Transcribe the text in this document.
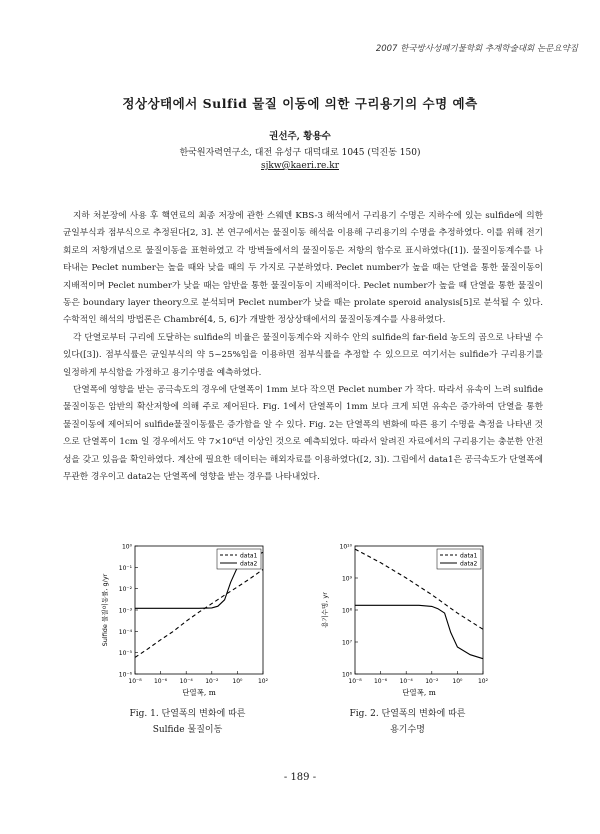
2007 한국방사성폐기물학회 추계학술대회 논문요약집
정상상태에서 Sulfid 물질 이동에 의한 구리용기의 수명 예측
권선주, 황용수
한국원자력연구소, 대전 유성구 대덕대로 1045 (덕진동 150)
sjkw@kaeri.re.kr

지하 처분장에 사용 후 핵연료의 최종 저장에 관한 스웨덴 KBS-3 해석에서 구리용기 수명은 지하수에 있는 sulfide에 의한 균일부식과 점부식으로 추정된다[2, 3]. 본 연구에서는 물질이동 해석을 이용해 구리용기의 수명을 추정하였다. 이를 위해 전기회로의 저항개념으로 물질이동을 표현하였고 각 방벽들에서의 물질이동은 저항의 함수로 표시하였다([1]). 물질이동계수를 나타내는 Peclet number는 높을 때와 낮을 때의 두 가지로 구분하였다. Peclet number가 높을 때는 단열을 통한 물질이동이 지배적이며 Peclet number가 낮을 때는 암반을 통한 물질이동이 지배적이다. Peclet number가 높을 때 단열을 통한 물질이동은 boundary layer theory으로 분석되며 Peclet number가 낮을 때는 prolate speroid analysis[5]로 분석될 수 있다. 수학적인 해석의 방법론은 Chambré[4, 5, 6]가 개발한 정상상태에서의 물질이동계수를 사용하였다.

각 단열로부터 구리에 도달하는 sulfide의 비율은 물질이동계수와 지하수 안의 sulfide의 far-field 농도의 곱으로 나타낼 수 있다([3]). 점부식률은 균일부식의 약 5~25%임을 이용하면 점부식률을 추정할 수 있으므로 여기서는 sulfide가 구리용기를 일정하게 부식함을 가정하고 용기수명을 예측하였다.

단열폭에 영향을 받는 공극속도의 경우에 단열폭이 1mm 보다 작으면 Peclet number 가 작다. 따라서 유속이 느려 sulfide 물질이동은 암반의 확산저항에 의해 주로 제어된다. Fig. 1에서 단열폭이 1mm 보다 크게 되면 유속은 증가하여 단열을 통한 물질이동에 제어되어 sulfide물질이동률은 증가함을 알 수 있다. Fig. 2는 단열폭의 변화에 따른 용기 수명을 측정을 나타낸 것으로 단열폭이 1cm 일 경우에서도 약 7×10⁶년 이상인 것으로 예측되었다. 따라서 알려진 자료에서의 구리용기는 충분한 안전성을 갖고 있음을 확인하였다. 계산에 필요한 데이터는 해외자료를 이용하였다([2, 3]). 그림에서 data1은 공극속도가 단열폭에 무관한 경우이고 data2는 단열폭에 영향을 받는 경우를 나타내었다.

10⁰
10⁻¹
10⁻²
10⁻³
10⁻⁴
10⁻⁵
10⁻⁶
10⁻⁸ 10⁻⁶ 10⁻⁴ 10⁻² 10⁰	10²
단열폭, m
Sulfide 물질이동률, g/yr
data1
data2
10¹⁰
10⁹
10⁸
10⁷
10⁶
10⁻⁸ 10⁻⁶ 10⁻⁴ 10⁻² 10⁰	10²
단열폭, m
용기수명, yr
data1
data2
Fig. 1. 단열폭의 변화에 따른
Sulfide 물질이동
Fig. 2. 단열폭의 변화에 따른
용기수명
- 189 -
